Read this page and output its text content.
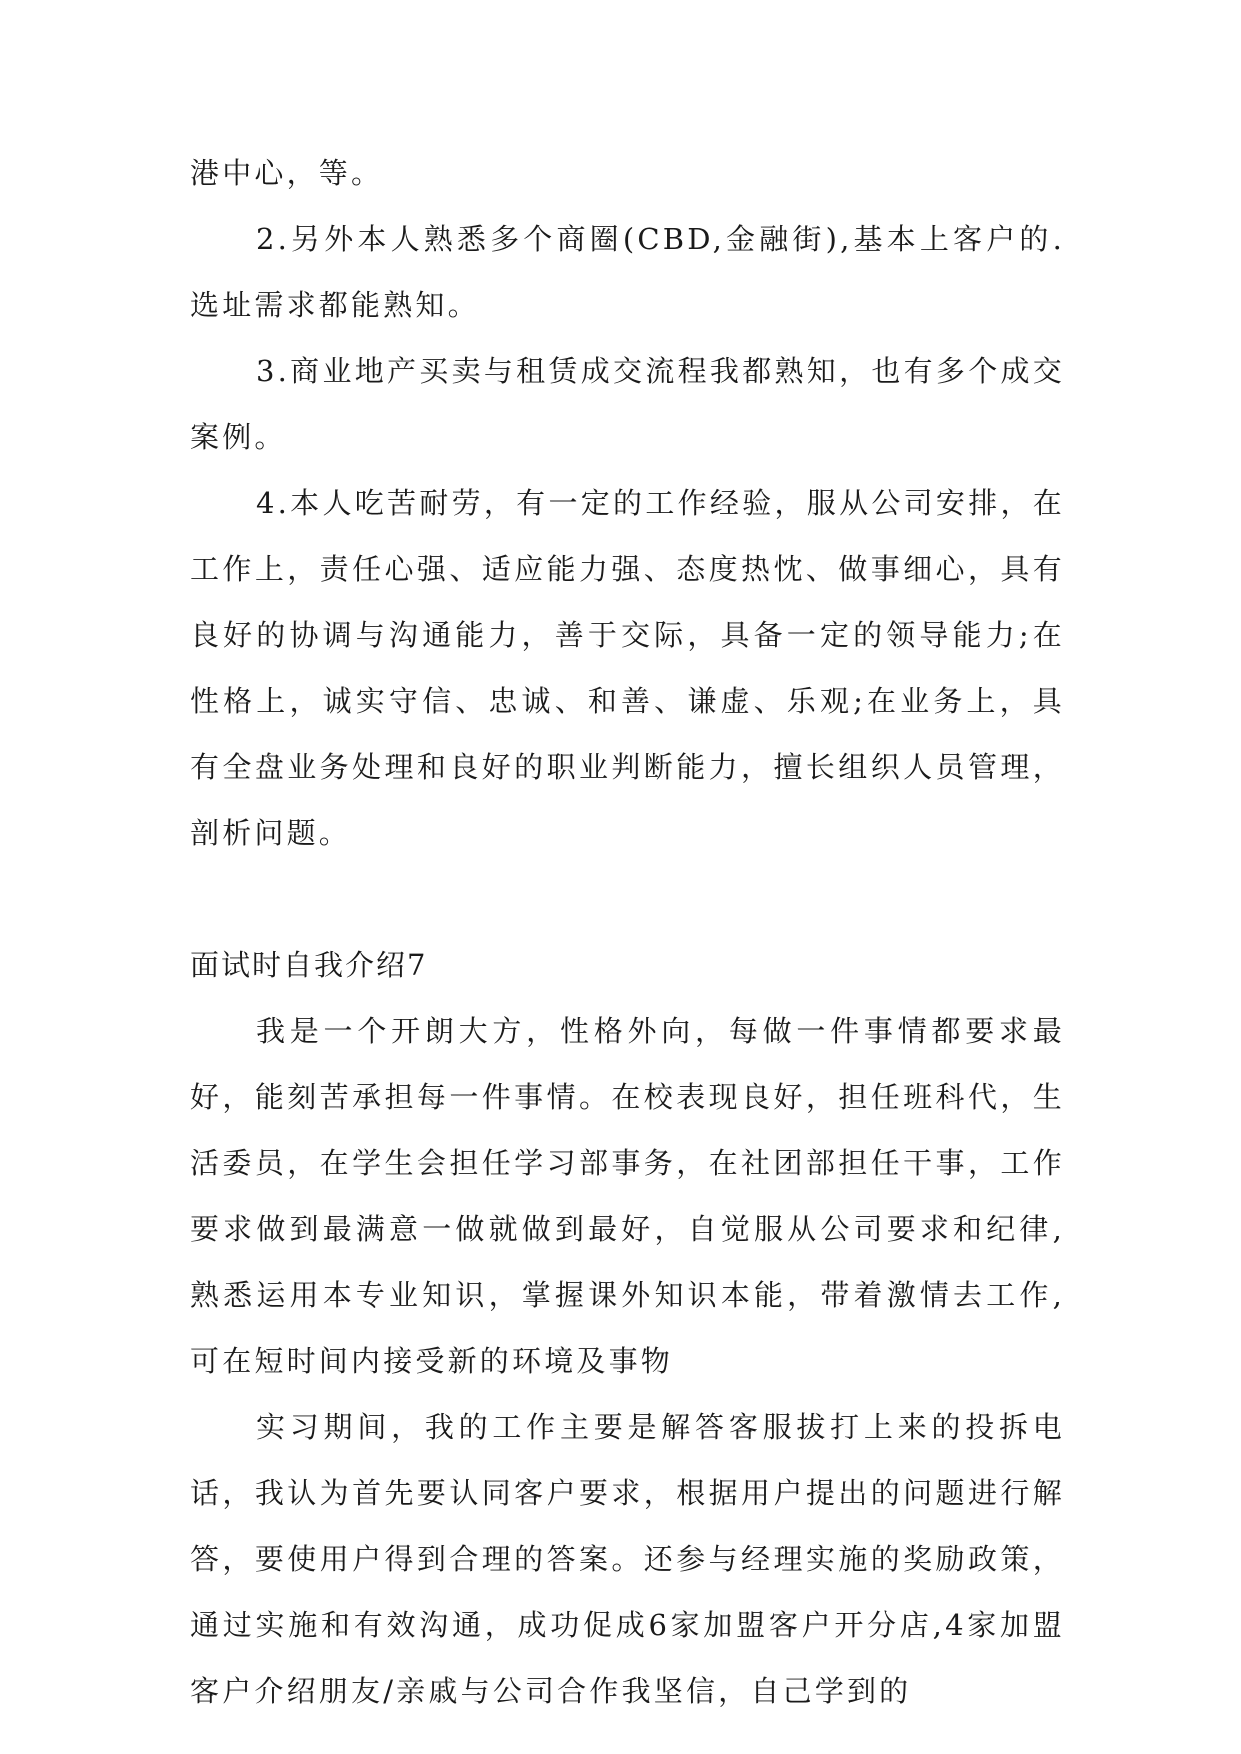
港中心，等。

2.另外本人熟悉多个商圈(CBD,金融街),基本上客户的.选址需求都能熟知。

3.商业地产买卖与租赁成交流程我都熟知，也有多个成交案例。

4.本人吃苦耐劳，有一定的工作经验，服从公司安排，在工作上，责任心强、适应能力强、态度热忱、做事细心，具有良好的协调与沟通能力，善于交际，具备一定的领导能力;在性格上，诚实守信、忠诚、和善、谦虚、乐观;在业务上，具有全盘业务处理和良好的职业判断能力，擅长组织人员管理，剖析问题。

面试时自我介绍7

我是一个开朗大方，性格外向，每做一件事情都要求最好，能刻苦承担每一件事情。在校表现良好，担任班科代，生活委员，在学生会担任学习部事务，在社团部担任干事，工作要求做到最满意一做就做到最好，自觉服从公司要求和纪律,熟悉运用本专业知识，掌握课外知识本能，带着激情去工作,可在短时间内接受新的环境及事物

实习期间，我的工作主要是解答客服拔打上来的投拆电话，我认为首先要认同客户要求，根据用户提出的问题进行解答，要使用户得到合理的答案。还参与经理实施的奖励政策，通过实施和有效沟通，成功促成6家加盟客户开分店,4家加盟客户介绍朋友/亲戚与公司合作我坚信，自己学到的
